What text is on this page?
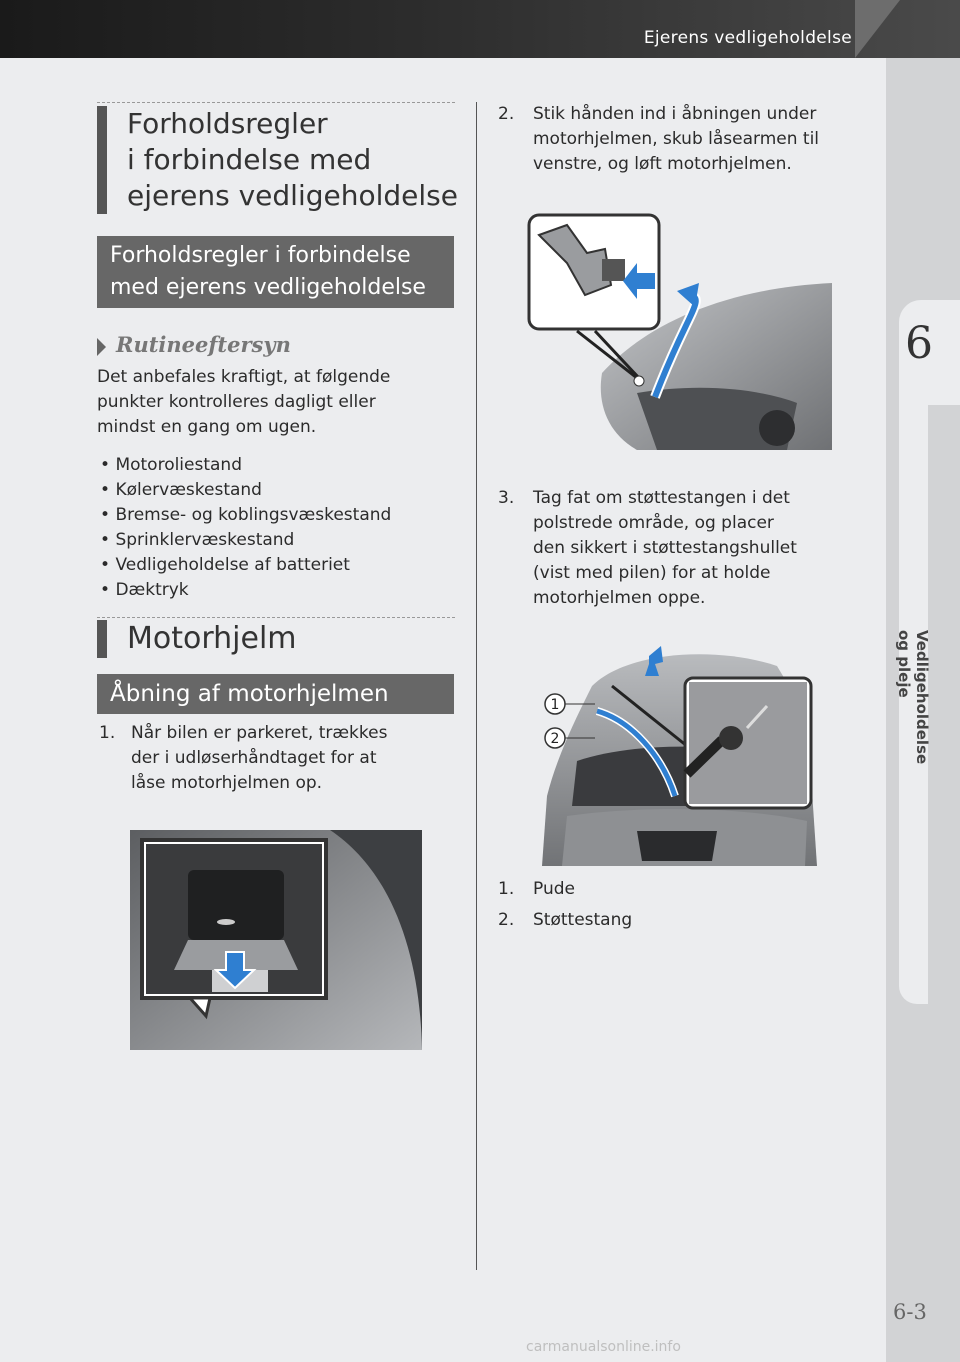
Ejerens vedligeholdelse
6
Vedligeholdelse og pleje
6-3
carmanualsonline.info
Forholdsregler
i forbindelse med
ejerens vedligeholdelse
Forholdsregler i forbindelse
med ejerens vedligeholdelse
Rutineeftersyn
Det anbefales kraftigt, at følgende
punkter kontrolleres dagligt eller
mindst en gang om ugen.
• Motoroliestand
• Kølervæskestand
• Bremse- og koblingsvæskestand
• Sprinklervæskestand
• Vedligeholdelse af batteriet
• Dæktryk
Motorhjelm
Åbning af motorhjelmen
1. Når bilen er parkeret, trækkes
der i udløserhåndtaget for at
låse motorhjelmen op.
2. Stik hånden ind i åbningen under
motorhjelmen, skub låsearmen til
venstre, og løft motorhjelmen.
3. Tag fat om støttestangen i det
polstrede område, og placer
den sikkert i støttestangshullet
(vist med pilen) for at holde
motorhjelmen oppe.
1
2
1. Pude
2. Støttestang
